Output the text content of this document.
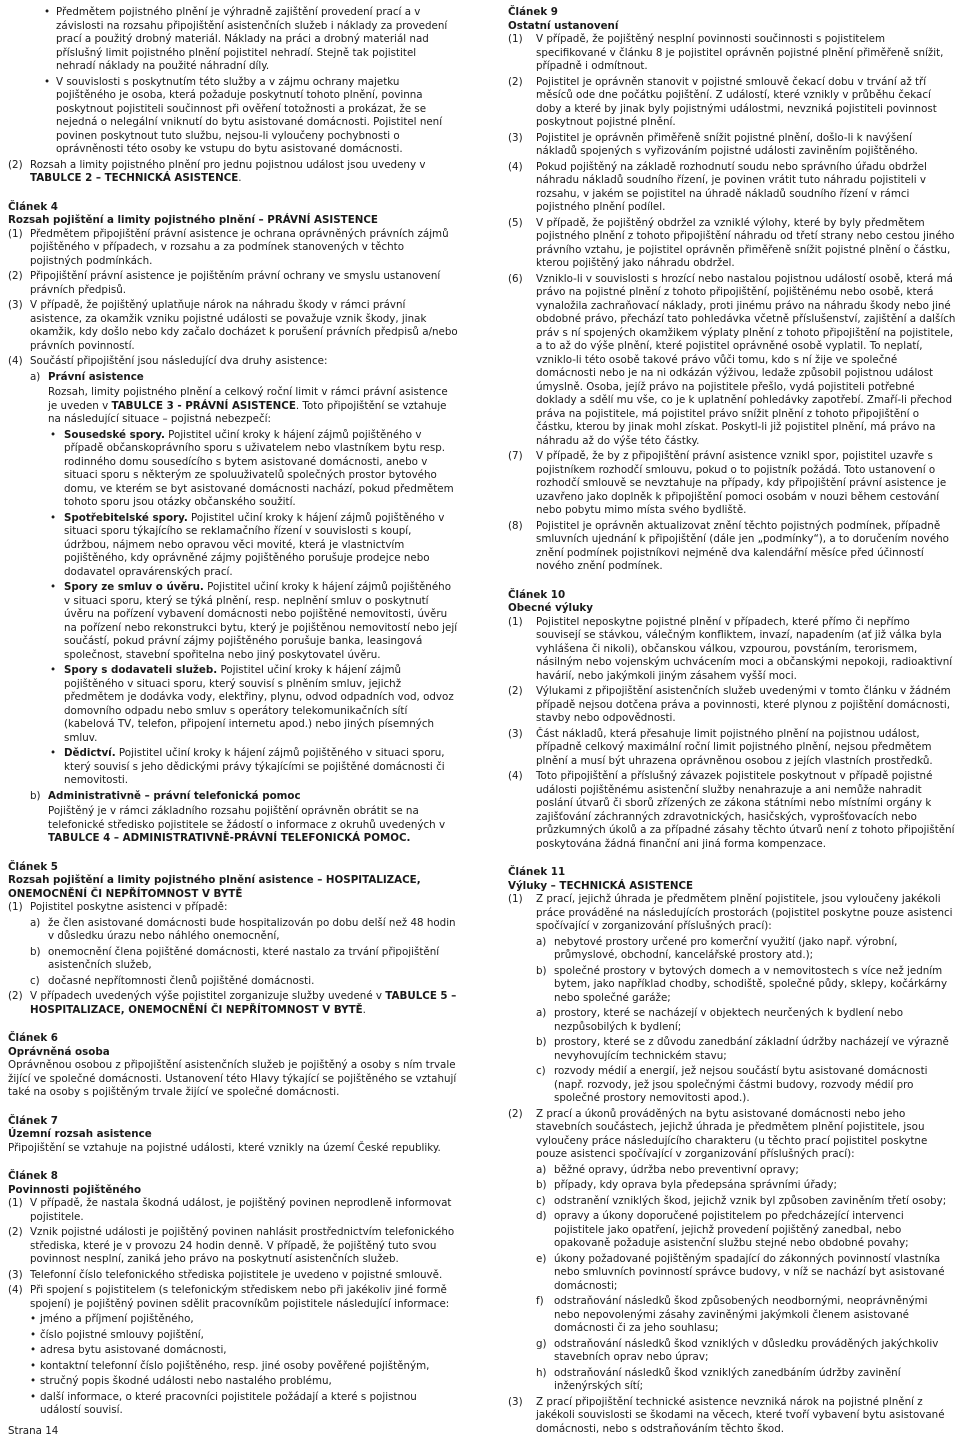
• Předmětem pojistného plnění je výhradně zajištění provedení prací a v závislosti na rozsahu připojištění asistenčních služeb i náklady za provedení prací a použitý drobný materiál. Náklady na práci a drobný materiál nad příslušný limit pojistného plnění pojistitel nehradí. Stejně tak pojistitel nehradí náklady na použité náhradní díly.
• V souvislosti s poskytnutím této služby a v zájmu ochrany majetku pojištěného je osoba, která požaduje poskytnutí tohoto plnění, povinna poskytnout pojistiteli součinnost při ověření totožnosti a prokázat, že se nejedná o nelegální vniknutí do bytu asistované domácnosti. Pojistitel není povinen poskytnout tuto službu, nejsou-li vyloučeny pochybnosti o oprávněnosti této osoby ke vstupu do bytu asistované domácnosti.
(2) Rozsah a limity pojistného plnění pro jednu pojistnou událost jsou uvedeny v TABULCE 2 – TECHNICKÁ ASISTENCE.
Článek 4
Rozsah pojištění a limity pojistného plnění – PRÁVNÍ ASISTENCE
(1) Předmětem připojištění právní asistence je ochrana oprávněných právních zájmů pojištěného v případech, v rozsahu a za podmínek stanovených v těchto pojistných podmínkách.
(2) Připojištění právní asistence je pojištěním právní ochrany ve smyslu ustanovení právních předpisů.
(3) V případě, že pojištěný uplatňuje nárok na náhradu škody v rámci právní asistence, za okamžik vzniku pojistné události se považuje vznik škody, jinak okamžik, kdy došlo nebo kdy začalo docházet k porušení právních předpisů a/nebo právních povinností.
(4) Součástí připojištění jsou následující dva druhy asistence:
a) Právní asistence
Rozsah, limity pojistného plnění a celkový roční limit v rámci právní asistence je uveden v TABULCE 3 - PRÁVNÍ ASISTENCE. Toto připojištění se vztahuje na následující situace – pojistná nebezpečí:
• Sousedské spory. Pojistitel učiní kroky k hájení zájmů pojištěného v případě občanskoprávního sporu s uživatelem nebo vlastníkem bytu resp. rodinného domu sousedícího s bytem asistované domácnosti, anebo v situaci sporu s některým ze spoluuživatelů společných prostor bytového domu, ve kterém se byt asistované domácnosti nachází, pokud předmětem tohoto sporu jsou otázky občanského soužití.
• Spotřebitelské spory. Pojistitel učiní kroky k hájení zájmů pojištěného v situaci sporu týkajícího se reklamačního řízení v souvislosti s koupí, údržbou, nájmem nebo opravou věci movité, která je vlastnictvím pojištěného, kdy oprávněné zájmy pojištěného porušuje prodejce nebo dodavatel opravárenských prací.
• Spory ze smluv o úvěru. Pojistitel učiní kroky k hájení zájmů pojištěného v situaci sporu, který se týká plnění, resp. neplnění smluv o poskytnutí úvěru na pořízení vybavení domácnosti nebo pojištěné nemovitosti, úvěru na pořízení nebo rekonstrukci bytu, který je pojištěnou nemovitostí nebo její součástí, pokud právní zájmy pojištěného porušuje banka, leasingová společnost, stavební spořitelna nebo jiný poskytovatel úvěru.
• Spory s dodavateli služeb. Pojistitel učiní kroky k hájení zájmů pojištěného v situaci sporu, který souvisí s plněním smluv, jejichž předmětem je dodávka vody, elektřiny, plynu, odvod odpadních vod, odvoz domovního odpadu nebo smluv s operátory telekomunikačních sítí (kabelová TV, telefon, připojení internetu apod.) nebo jiných písemných smluv.
• Dědictví. Pojistitel učiní kroky k hájení zájmů pojištěného v situaci sporu, který souvisí s jeho dědickými právy týkajícími se pojištěné domácnosti či nemovitosti.
b) Administrativně – právní telefonická pomoc
Pojištěný je v rámci základního rozsahu pojištění oprávněn obrátit se na telefonické střediskо pojistitele se žádostí o informace z okruhů uvedených v TABULCE 4 – ADMINISTRATIVNĚ-PRÁVNÍ TELEFONICKÁ POMOC.
Článek 5
Rozsah pojištění a limity pojistného plnění asistence – HOSPITALIZACE, ONEMOCNĚNÍ ČI NEPŘÍTOMNOST V BYTĚ
(1) Pojistitel poskytne asistenci v případě:
a) že člen asistované domácnosti bude hospitalizován po dobu delší než 48 hodin v důsledku úrazu nebo náhlého onemocnění,
b) onemocnění člena pojištěné domácnosti, které nastalo za trvání připojištění asistenčních služeb,
c) dočasné nepřítomnosti členů pojištěné domácnosti.
(2) V případech uvedených výše pojistitel zorganizuje služby uvedené v TABULCE 5 – HOSPITALIZACE, ONEMOCNĚNÍ ČI NEPŘÍTOMNOST V BYTĚ.
Článek 6
Oprávněná osoba
Oprávněnou osobou z připojištění asistenčních služeb je pojištěný a osoby s ním trvale žijící ve společné domácnosti. Ustanovení této Hlavy týkající se pojištěného se vztahují také na osoby s pojištěným trvale žijící ve společné domácnosti.
Článek 7
Územní rozsah asistence
Připojištění se vztahuje na pojistné události, které vznikly na území České republiky.
Článek 8
Povinnosti pojištěného
(1) V případě, že nastala škodná událost, je pojištěný povinen neprodleně informovat pojistitele.
(2) Vznik pojistné události je pojištěný povinen nahlásit prostřednictvím telefonického střediska, které je v provozu 24 hodin denně. V případě, že pojištěný tuto svou povinnost nesplní, zaniká jeho právo na poskytnutí asistenčních služeb.
(3) Telefonní číslo telefonického střediska pojistitele je uvedeno v pojistné smlouvě.
(4) Při spojení s pojistitelem (s telefonickým střediskem nebo při jakékoliv jiné formě spojení) je pojištěný povinen sdělit pracovníkům pojistitele následující informace:
• jméno a příjmení pojištěného,
• číslo pojistné smlouvy pojištění,
• adresa bytu asistované domácnosti,
• kontaktní telefonní číslo pojištěného, resp. jiné osoby pověřené pojištěným,
• stručný popis škodné události nebo nastalého problému,
• další informace, o které pracovníci pojistitele požádají a které s pojistnou událostí souvisí.
Článek 9
Ostatní ustanovení
(1) V případě, že pojištěný nesplní povinnosti součinnosti s pojistitelem specifikované v článku 8 je pojistitel oprávněn pojistné plnění přiměřeně snížit, případně i odmítnout.
(2) Pojistitel je oprávněn stanovit v pojistné smlouvě čekací dobu v trvání až tří měsíců ode dne počátku pojištění. Z událostí, které vznikly v průběhu čekací doby a které by jinak byly pojistnými událostmi, nevzniká pojistiteli povinnost poskytnout pojistné plnění.
(3) Pojistitel je oprávněn přiměřeně snížit pojistné plnění, došlo-li k navýšení nákladů spojených s vyřizováním pojistné události zaviněním pojištěného.
(4) Pokud pojištěný na základě rozhodnutí soudu nebo správního úřadu obdržel náhradu nákladů soudního řízení, je povinen vrátit tuto náhradu pojistiteli v rozsahu, v jakém se pojistitel na úhradě nákladů soudního řízení v rámci pojistného plnění podílel.
(5) V případě, že pojištěný obdržel za vzniklé výlohy, které by byly předmětem pojistného plnění z tohoto připojištění náhradu od třetí strany nebo cestou jiného právního vztahu, je pojistitel oprávněn přiměřeně snížit pojistné plnění o částku, kterou pojištěný jako náhradu obdržel.
(6) Vzniklo-li v souvislosti s hrozící nebo nastalou pojistnou událostí osobě, která má právo na pojistné plnění z tohoto připojištění, pojištěnému nebo osobě, která vynaložila zachraňovací náklady, proti jinému právo na náhradu škody nebo jiné obdobné právo, přechází tato pohledávka včetně příslušenství, zajištění a dalších práv s ní spojených okamžikem výplaty plnění z tohoto připojištění na pojistitele, a to až do výše plnění, které pojistitel oprávněné osobě vyplatil. To neplatí, vzniklo-li této osobě takové právo vůči tomu, kdo s ní žije ve společné domácnosti nebo je na ni odkázán výživou, ledaže způsobil pojistnou událost úmyslně. Osoba, jejíž právo na pojistitele přešlo, vydá pojistiteli potřebné doklady a sdělí mu vše, co je k uplatnění pohledávky zapotřebí. Zmaří-li přechod práva na pojistitele, má pojistitel právo snížit plnění z tohoto připojištění o částku, kterou by jinak mohl získat. Poskytl-li již pojistitel plnění, má právo na náhradu až do výše této částky.
(7) V případě, že by z připojištění právní asistence vznikl spor, pojistitel uzavře s pojistníkem rozhodčí smlouvu, pokud o to pojistník požádá. Toto ustanovení o rozhodčí smlouvě se nevztahuje na případy, kdy připojištění právní asistence je uzavřeno jako doplněk k připojištění pomoci osobám v nouzi během cestování nebo pobytu mimo místa svého bydliště.
(8) Pojistitel je oprávněn aktualizovat znění těchto pojistných podmínek, případně smluvních ujednání k připojištění (dále jen „podmínky“), a to doručením nového znění podmínek pojistníkovi nejméně dva kalendářní měsíce před účinností nového znění podmínek.
Článek 10
Obecné výluky
(1) Pojistitel neposkytne pojistné plnění v případech, které přímo či nepřímo souvisejí se stávkou, válečným konfliktem, invazí, napadením (ať již válka byla vyhlášena či nikoli), občanskou válkou, vzpourou, povstáním, terorismem, násilným nebo vojenským uchvácením moci a občanskými nepokoji, radioaktivní havárií, nebo jakýmkoli jiným zásahem vyšší moci.
(2) Výlukami z připojištění asistenčních služeb uvedenými v tomto článku v žádném případě nejsou dotčena práva a povinnosti, které plynou z pojištění domácnosti, stavby nebo odpovědnosti.
(3) Část nákladů, která přesahuje limit pojistného plnění na pojistnou událost, případně celkový maximální roční limit pojistného plnění, nejsou předmětem plnění a musí být uhrazena oprávněnou osobou z jejích vlastních prostředků.
(4) Toto připojištění a příslušný závazek pojistitele poskytnout v případě pojistné události pojištěnému asistenční služby nenahrazuje a ani nemůže nahradit poslání útvarů či sborů zřízených ze zákona státními nebo místními orgány k zajišťování záchranných zdravotnických, hasičských, vyprošťovacích nebo průzkumných úkolů a za případné zásahy těchto útvarů není z tohoto připojištění poskytována žádná finanční ani jiná forma kompenzace.
Článek 11
Výluky – TECHNICKÁ ASISTENCE
(1) Z prací, jejichž úhrada je předmětem plnění pojistitele, jsou vyloučeny jakékoli práce prováděné na následujících prostorách (pojistitel poskytne pouze asistenci spočívající v zorganizování příslušných prací):
a) nebytové prostory určené pro komerční využití (jako např. výrobní, průmyslové, obchodní, kancelářské prostory atd.);
b) společné prostory v bytových domech a v nemovitostech s více než jedním bytem, jako například chodby, schodiště, společné půdy, sklepy, kočárkárny nebo společné garáže;
a) prostory, které se nacházejí v objektech neurčených k bydlení nebo nezpůsobilých k bydlení;
b) prostory, které se z důvodu zanedbání základní údržby nacházejí ve výrazně nevyhovujícím technickém stavu;
c) rozvody médií a energií, jež nejsou součástí bytu asistované domácnosti (např. rozvody, jež jsou společnými částmi budovy, rozvody médií pro společné prostory nemovitosti apod.).
(2) Z prací a úkonů prováděných na bytu asistované domácnosti nebo jeho stavebních součástech, jejichž úhrada je předmětem plnění pojistitele, jsou vyloučeny práce následujícího charakteru (u těchto prací pojistitel poskytne pouze asistenci spočívající v zorganizování příslušných prací):
a) běžné opravy, údržba nebo preventivní opravy;
b) případy, kdy oprava byla předepsána správními úřady;
c) odstranění vzniklých škod, jejichž vznik byl způsoben zaviněním třetí osoby;
d) opravy a úkony doporučené pojistitelem po předcházející intervenci pojistitele jako opatření, jejichž provedení pojištěný zanedbal, nebo opakovaně požaduje asistenční službu stejné nebo obdobné povahy;
e) úkony požadované pojištěným spadající do zákonných povinností vlastníka nebo smluvních povinností správce budovy, v níž se nachází byt asistované domácnosti;
f) odstraňování následků škod způsobených neodbornými, neoprávněnými nebo nepovolenými zásahy zaviněnými jakýmkoli členem asistované domácnosti či za jeho souhlasu;
g) odstraňování následků škod vzniklých v důsledku prováděných jakýchkoliv stavebních oprav nebo úprav;
h) odstraňování následků škod vzniklých zanedbáním údržby zavinění inženýrských sítí;
(3) Z prací připojištění technické asistence nevzniká nárok na pojistné plnění z jakékoli souvislosti se škodami na věcech, které tvoří vybavení bytu asistované domácnosti, nebo s odstraňováním těchto škod.
Strana 14
